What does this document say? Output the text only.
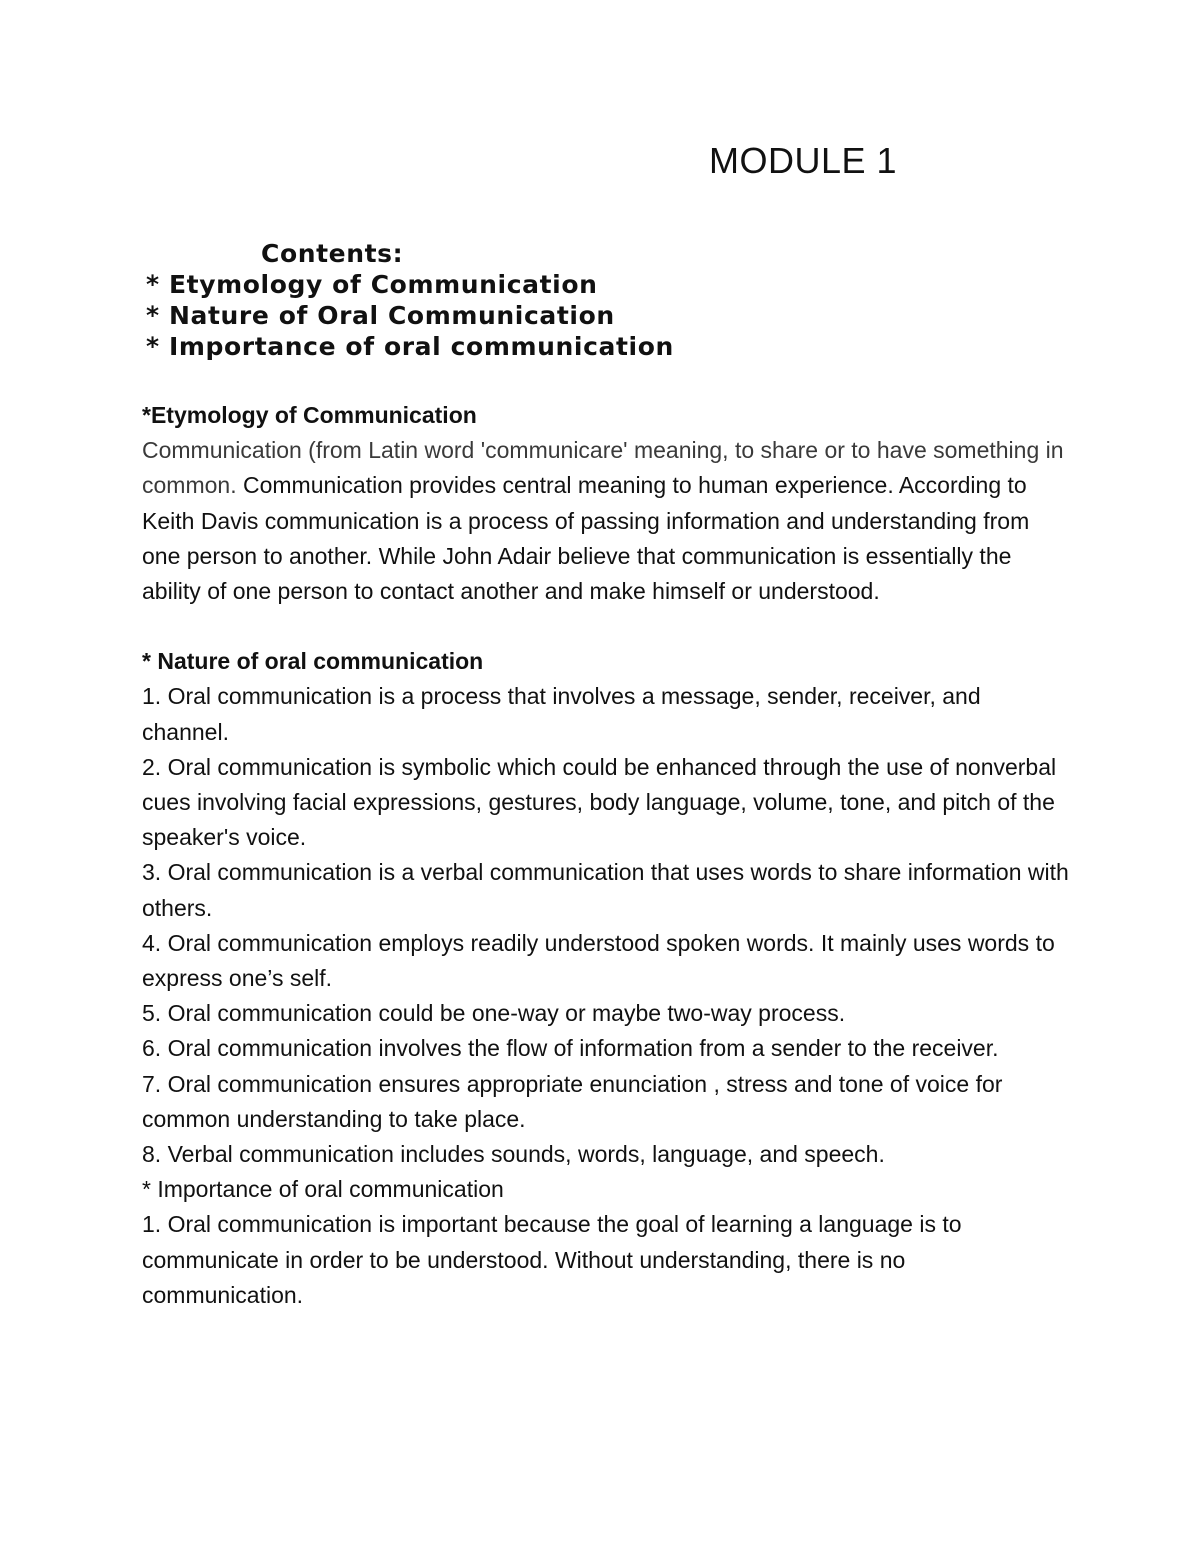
MODULE 1
Contents:
* Etymology of Communication
* Nature of Oral Communication
* Importance of oral communication
*Etymology of Communication

Communication (from Latin word 'communicare' meaning, to share or to have something in common. Communication provides central meaning to human experience. According to Keith Davis communication is a process of passing information and understanding from one person to another. While John Adair believe that communication is essentially the ability of one person to contact another and make himself or understood.

* Nature of oral communication
1. Oral communication is a process that involves a message, sender, receiver, and channel.
2. Oral communication is symbolic which could be enhanced through the use of nonverbal cues involving facial expressions, gestures, body language, volume, tone, and pitch of the speaker's voice.
3. Oral communication is a verbal communication that uses words to share information with others.
4. Oral communication employs readily understood spoken words. It mainly uses words to express one’s self.
5. Oral communication could be one-way or maybe two-way process.
6. Oral communication involves the flow of information from a sender to the receiver.
7. Oral communication ensures appropriate enunciation , stress and tone of voice for common understanding to take place.
8. Verbal communication includes sounds, words, language, and speech.
* Importance of oral communication
1. Oral communication is important because the goal of learning a language is to communicate in order to be understood. Without understanding, there is no communication.
